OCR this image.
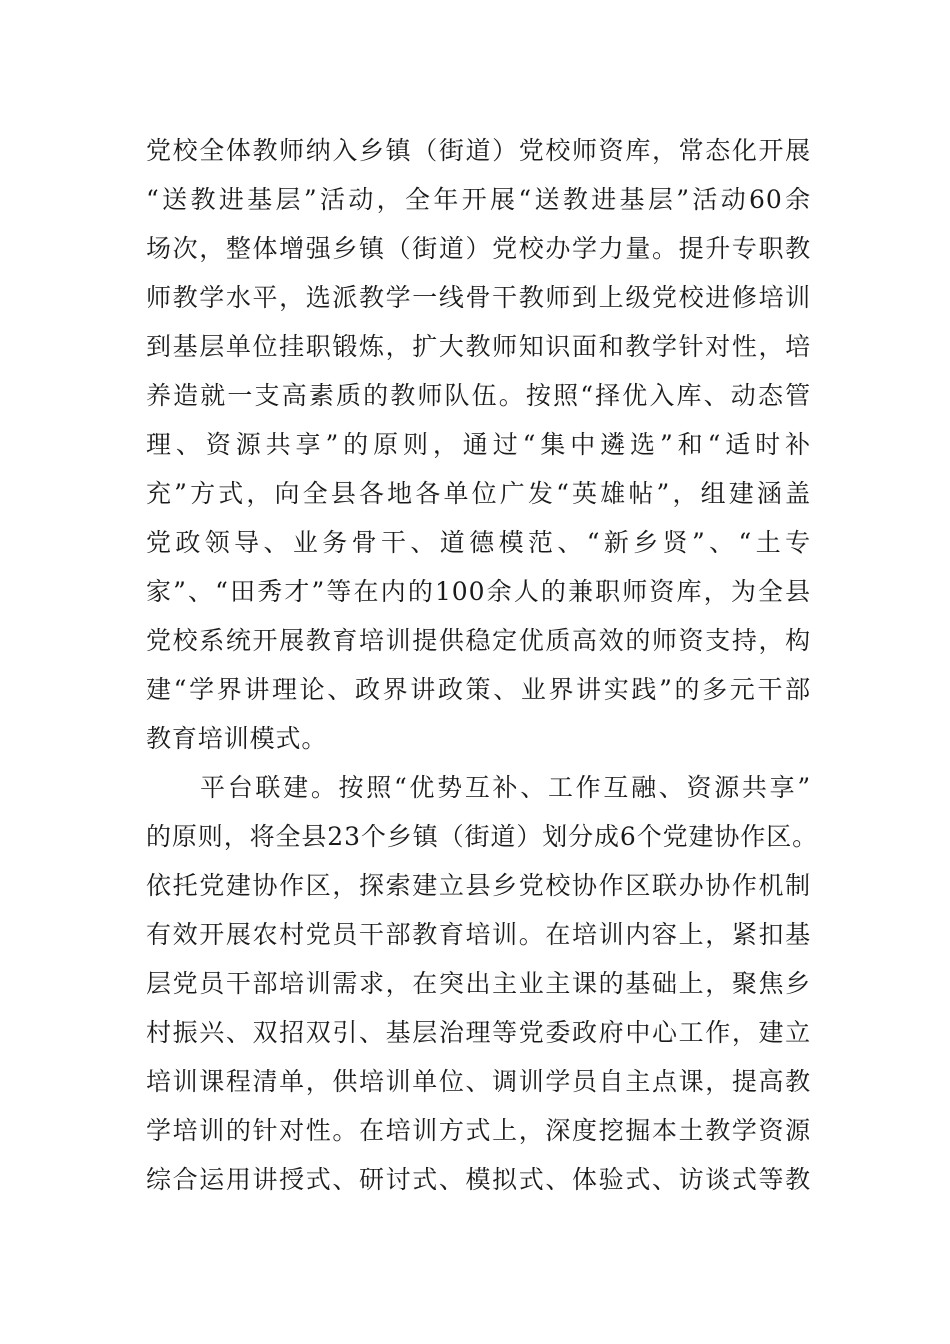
党校全体教师纳入乡镇（街道）党校师资库，常态化开展
“送教进基层”活动，全年开展“送教进基层”活动60余
场次，整体增强乡镇（街道）党校办学力量。提升专职教
师教学水平，选派教学一线骨干教师到上级党校进修培训
到基层单位挂职锻炼，扩大教师知识面和教学针对性，培
养造就一支高素质的教师队伍。按照“择优入库、动态管
理、资源共享”的原则，通过“集中遴选”和“适时补
充”方式，向全县各地各单位广发“英雄帖”，组建涵盖
党政领导、业务骨干、道德模范、“新乡贤”、“土专
家”、“田秀才”等在内的100余人的兼职师资库，为全县
党校系统开展教育培训提供稳定优质高效的师资支持，构
建“学界讲理论、政界讲政策、业界讲实践”的多元干部
教育培训模式。
平台联建。按照“优势互补、工作互融、资源共享”
的原则，将全县23个乡镇（街道）划分成6个党建协作区。
依托党建协作区，探索建立县乡党校协作区联办协作机制
有效开展农村党员干部教育培训。在培训内容上，紧扣基
层党员干部培训需求，在突出主业主课的基础上，聚焦乡
村振兴、双招双引、基层治理等党委政府中心工作，建立
培训课程清单，供培训单位、调训学员自主点课，提高教
学培训的针对性。在培训方式上，深度挖掘本土教学资源
综合运用讲授式、研讨式、模拟式、体验式、访谈式等教
